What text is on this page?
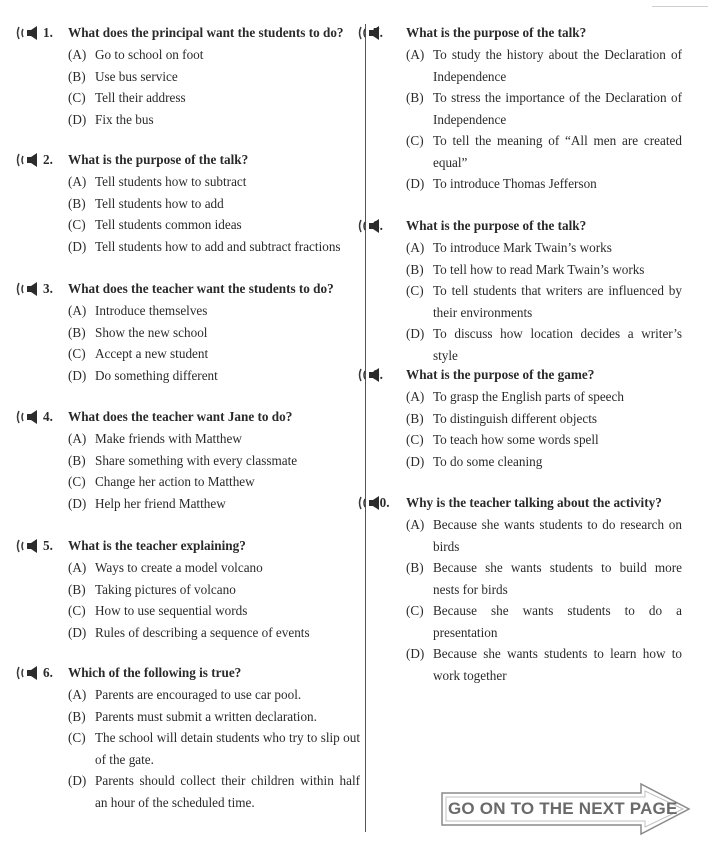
1. What does the principal want the students to do?
(A) Go to school on foot
(B) Use bus service
(C) Tell their address
(D) Fix the bus
2. What is the purpose of the talk?
(A) Tell students how to subtract
(B) Tell students how to add
(C) Tell students common ideas
(D) Tell students how to add and subtract fractions
3. What does the teacher want the students to do?
(A) Introduce themselves
(B) Show the new school
(C) Accept a new student
(D) Do something different
4. What does the teacher want Jane to do?
(A) Make friends with Matthew
(B) Share something with every classmate
(C) Change her action to Matthew
(D) Help her friend Matthew
5. What is the teacher explaining?
(A) Ways to create a model volcano
(B) Taking pictures of volcano
(C) How to use sequential words
(D) Rules of describing a sequence of events
6. Which of the following is true?
(A) Parents are encouraged to use car pool.
(B) Parents must submit a written declaration.
(C) The school will detain students who try to slip out of the gate.
(D) Parents should collect their children within half an hour of the scheduled time.
7. What is the purpose of the talk?
(A) To study the history about the Declaration of Independence
(B) To stress the importance of the Declaration of Independence
(C) To tell the meaning of “All men are created equal”
(D) To introduce Thomas Jefferson
8. What is the purpose of the talk?
(A) To introduce Mark Twain’s works
(B) To tell how to read Mark Twain’s works
(C) To tell students that writers are influenced by their environments
(D) To discuss how location decides a writer’s style
9. What is the purpose of the game?
(A) To grasp the English parts of speech
(B) To distinguish different objects
(C) To teach how some words spell
(D) To do some cleaning
10. Why is the teacher talking about the activity?
(A) Because she wants students to do research on birds
(B) Because she wants students to build more nests for birds
(C) Because she wants students to do a presentation
(D) Because she wants students to learn how to work together
GO ON TO THE NEXT PAGE
